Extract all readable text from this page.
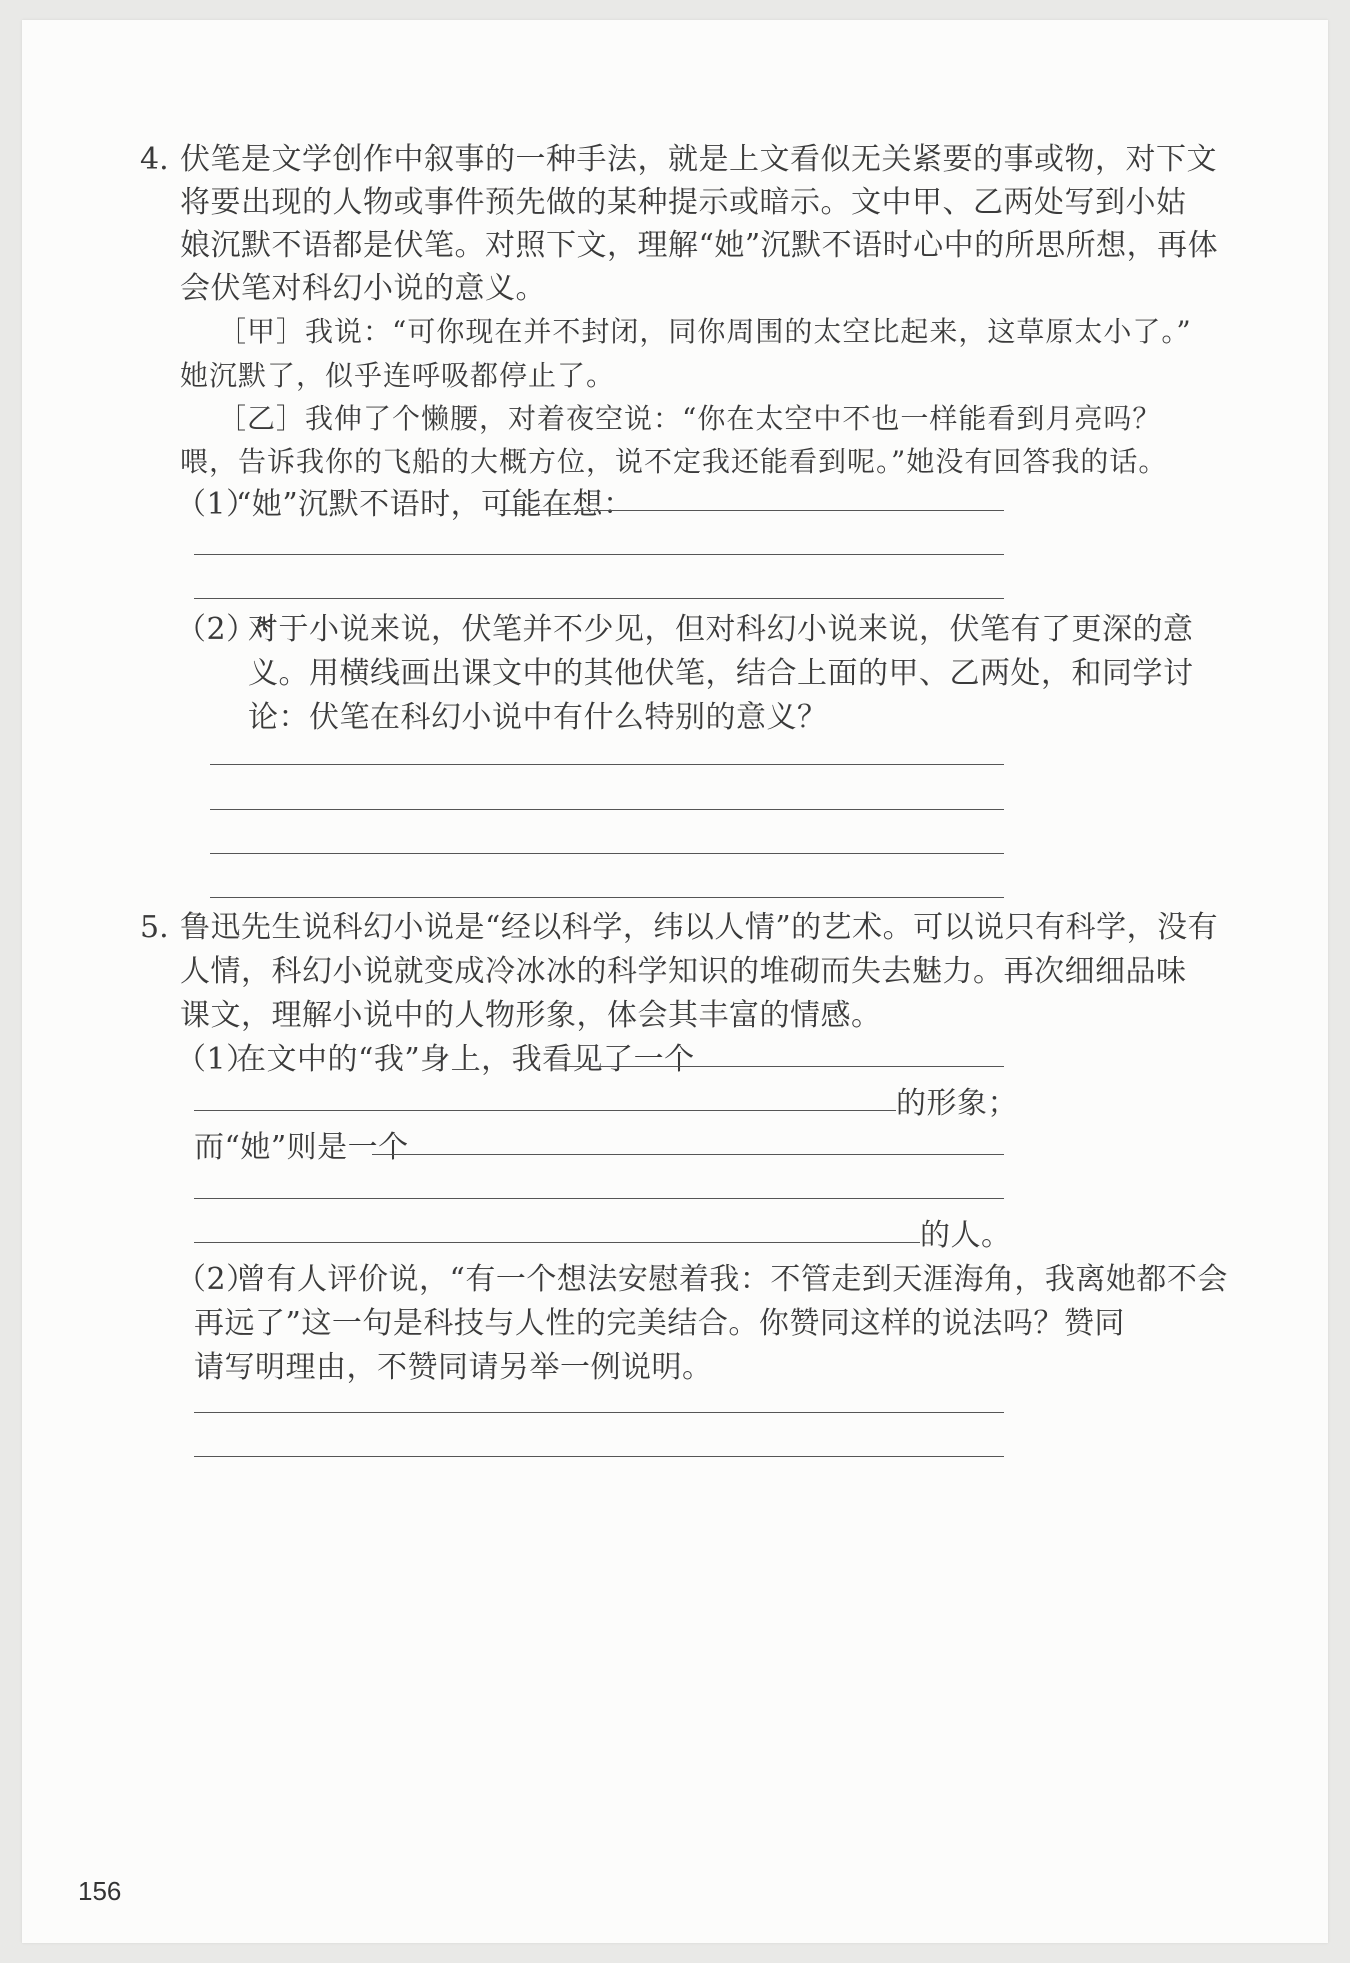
4. 伏笔是文学创作中叙事的一种手法，就是上文看似无关紧要的事或物，对下文
将要出现的人物或事件预先做的某种提示或暗示。文中甲、乙两处写到小姑
娘沉默不语都是伏笔。对照下文，理解“她”沉默不语时心中的所思所想，再体
会伏笔对科幻小说的意义。
［甲］我说：“可你现在并不封闭，同你周围的太空比起来，这草原太小了。”
她沉默了，似乎连呼吸都停止了。
［乙］我伸了个懒腰，对着夜空说：“你在太空中不也一样能看到月亮吗？
喂，告诉我你的飞船的大概方位，说不定我还能看到呢。”她没有回答我的话。
（1）
“她”沉默不语时，可能在想：
（2）*
对于小说来说，伏笔并不少见，但对科幻小说来说，伏笔有了更深的意
义。用横线画出课文中的其他伏笔，结合上面的甲、乙两处，和同学讨
论：伏笔在科幻小说中有什么特别的意义？
5. 鲁迅先生说科幻小说是“经以科学，纬以人情”的艺术。可以说只有科学，没有
人情，科幻小说就变成冷冰冰的科学知识的堆砌而失去魅力。再次细细品味
课文，理解小说中的人物形象，体会其丰富的情感。
（1）
在文中的“我”身上，我看见了一个
的形象；
而“她”则是一个
的人。
（2）
曾有人评价说，“有一个想法安慰着我：不管走到天涯海角，我离她都不会
再远了”这一句是科技与人性的完美结合。你赞同这样的说法吗？赞同
请写明理由，不赞同请另举一例说明。
156
